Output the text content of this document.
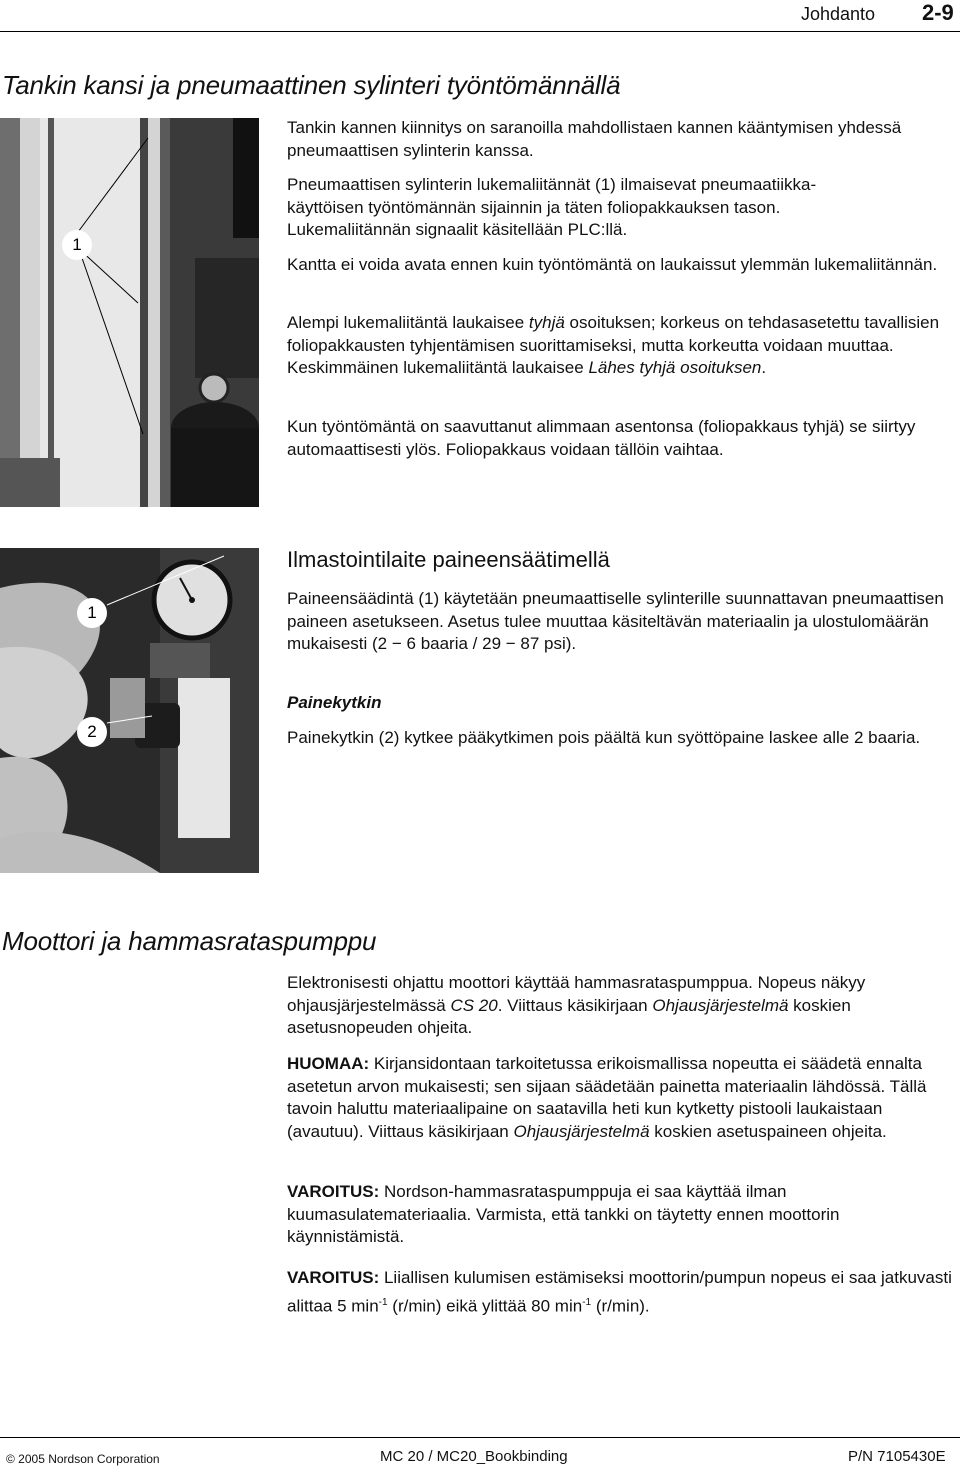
Johdanto 2-9
Tankin kansi ja pneumaattinen sylinteri työntömännällä
1

Tankin kannen kiinnitys on saranoilla mahdollistaen kannen kääntymisen yhdessä pneumaattisen sylinterin kanssa.

Pneumaattisen sylinterin lukemaliitännät (1) ilmaisevat pneumaatiikka-
käyttöisen työntömännän sijainnin ja täten foliopakkauksen tason.
Lukemaliitännän signaalit käsitellään PLC:llä.

Kantta ei voida avata ennen kuin työntömäntä on laukaissut ylemmän lukemaliitännän.

Alempi lukemaliitäntä laukaisee tyhjä osoituksen; korkeus on tehdasasetettu tavallisien foliopakkausten tyhjentämisen suorittamiseksi, mutta korkeutta voidaan muuttaa. Keskimmäinen lukemaliitäntä laukaisee Lähes tyhjä osoituksen.

Kun työntömäntä on saavuttanut alimmaan asentonsa (foliopakkaus tyhjä) se siirtyy automaattisesti ylös. Foliopakkaus voidaan tällöin vaihtaa.

1
2
Ilmastointilaite paineensäätimellä

Paineensäädintä (1) käytetään pneumaattiselle sylinterille suunnattavan pneumaattisen paineen asetukseen. Asetus tulee muuttaa käsiteltävän materiaalin ja ulostulomäärän mukaisesti (2 − 6 baaria / 29 − 87 psi).

Painekytkin

Painekytkin (2) kytkee pääkytkimen pois päältä kun syöttöpaine laskee alle 2 baaria.

Moottori ja hammasrataspumppu

Elektronisesti ohjattu moottori käyttää hammasrataspumppua. Nopeus näkyy ohjausjärjestelmässä CS 20. Viittaus käsikirjaan Ohjausjärjestelmä koskien asetusnopeuden ohjeita.

HUOMAA: Kirjansidontaan tarkoitetussa erikoismallissa nopeutta ei säädetä ennalta asetetun arvon mukaisesti; sen sijaan säädetään painetta materiaalin lähdössä. Tällä tavoin haluttu materiaalipaine on saatavilla heti kun kytketty pistooli laukaistaan (avautuu). Viittaus käsikirjaan Ohjausjärjestelmä koskien asetuspaineen ohjeita.

VAROITUS: Nordson-hammasrataspumppuja ei saa käyttää ilman kuumasulatemateriaalia. Varmista, että tankki on täytetty ennen moottorin käynnistämistä.

VAROITUS: Liiallisen kulumisen estämiseksi moottorin/pumpun nopeus ei saa jatkuvasti alittaa 5 $\min^{-1} (r/\min)$ eikä ylittää 80 $\min^{-1} (r/\min)$.

© 2005 Nordson Corporation	MC 20 / MC20_Bookbinding	P/N 7105430E
